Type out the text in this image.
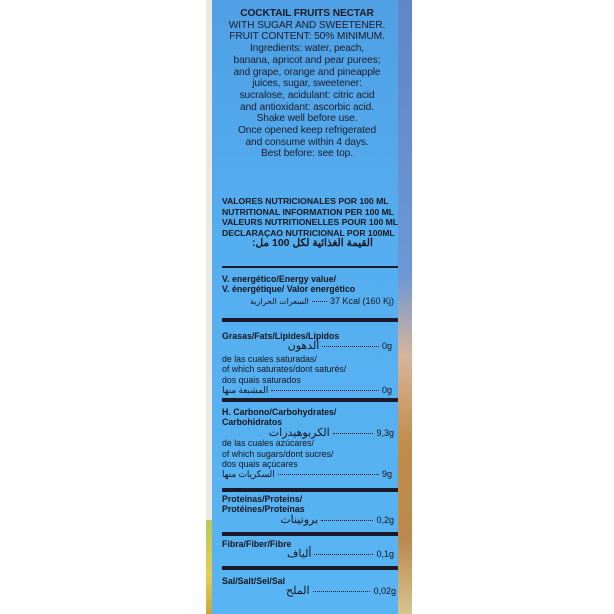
COCKTAIL FRUITS NECTAR
WITH SUGAR AND SWEETENER.
FRUIT CONTENT: 50% MINIMUM.
Ingredients: water, peach,
banana, apricot and pear purees;
and grape, orange and pineapple
juices, sugar, sweetener:
sucralose, acidulant: citric acid
and antioxidant: ascorbic acid.
Shake well before use.
Once opened keep refrigerated
and consume within 4 days.
Best before: see top.
VALORES NUTRICIONALES POR 100 ML
NUTRITIONAL INFORMATION PER 100 ML
VALEURS NUTRITIONELLES POUR 100 ML
DECLARAÇAO NUTRICIONAL POR 100ML
القيمة الغذائية لكل 100 مل:
V. energético/Energy value/
V. énergétique/ Valor energético
السعرات الحرارية 37 Kcal (160 Kj)
Grasas/Fats/Lipides/Lípidos
الدهون	0g
de las cuales saturadas/
of which saturates/dont saturés/
dos quais saturados
المشبعة منها	0g
H. Carbono/Carbohydrates/
Carbohidratos
الكربوهيدرات	9,3g
de las cuales azúcares/
of which sugars/dont sucres/
dos quais açúcares
السكريات منها	9g
Proteínas/Proteins/
Protéines/Proteínas
بروتينات	0,2g
Fibra/Fiber/Fibre
ألياف	0,1g
Sal/Salt/Sel/Sal
الملح	0,02g
